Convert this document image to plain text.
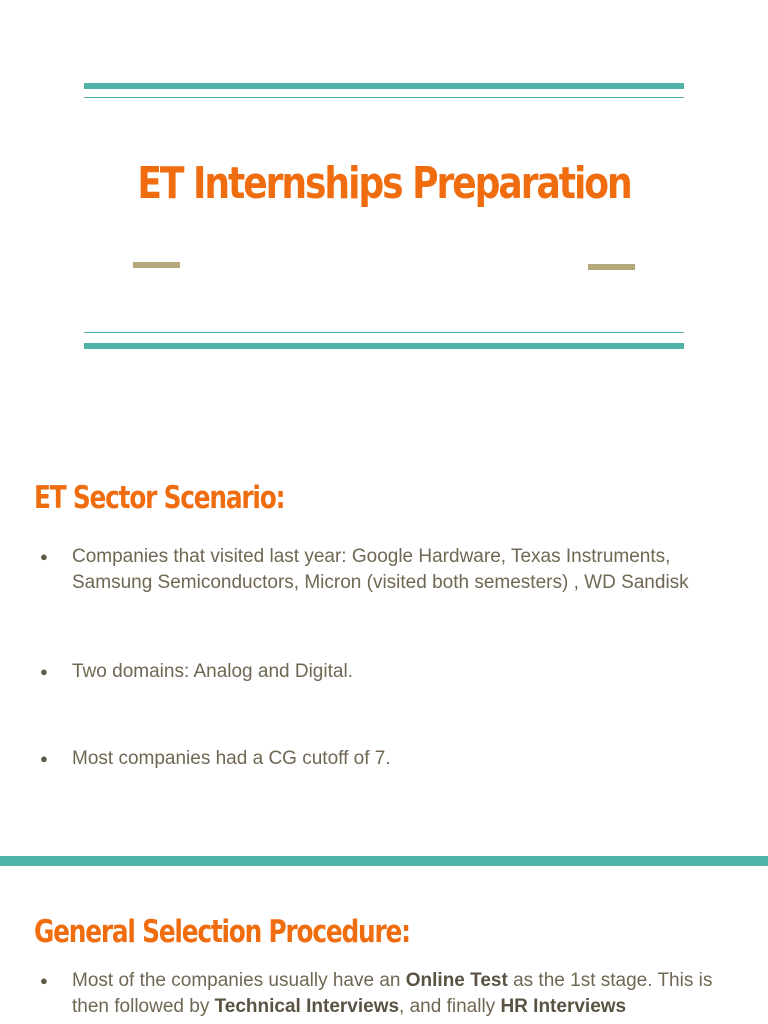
ET Internships Preparation
ET Sector Scenario:
●	Companies that visited last year: Google Hardware, Texas Instruments, Samsung Semiconductors, Micron (visited both semesters) , WD Sandisk
●	Two domains: Analog and Digital.
●	Most companies had a CG cutoff of 7.
General Selection Procedure:
●	Most of the companies usually have an Online Test as the 1st stage. This is then followed by Technical Interviews, and finally HR Interviews
